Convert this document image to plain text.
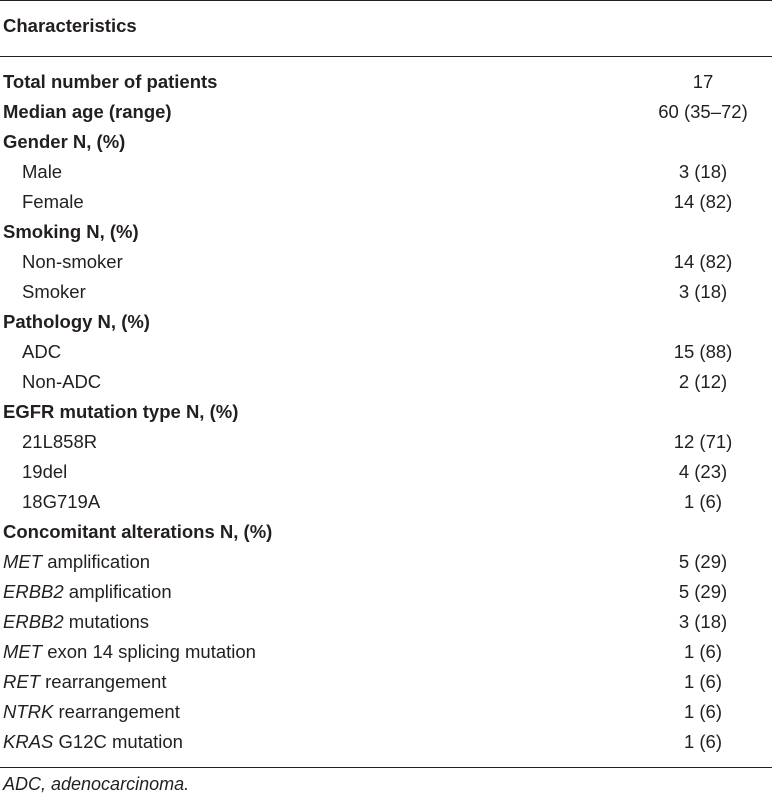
Characteristics
Total number of patients	17
Median age (range)	60 (35–72)
Gender N, (%)
Male	3 (18)
Female	14 (82)
Smoking N, (%)
Non-smoker	14 (82)
Smoker	3 (18)
Pathology N, (%)
ADC	15 (88)
Non-ADC	2 (12)
EGFR mutation type N, (%)
21L858R	12 (71)
19del	4 (23)
18G719A	1 (6)
Concomitant alterations N, (%)
MET amplification	5 (29)
ERBB2 amplification	5 (29)
ERBB2 mutations	3 (18)
MET exon 14 splicing mutation	1 (6)
RET rearrangement	1 (6)
NTRK rearrangement	1 (6)
KRAS G12C mutation	1 (6)
ADC, adenocarcinoma.
